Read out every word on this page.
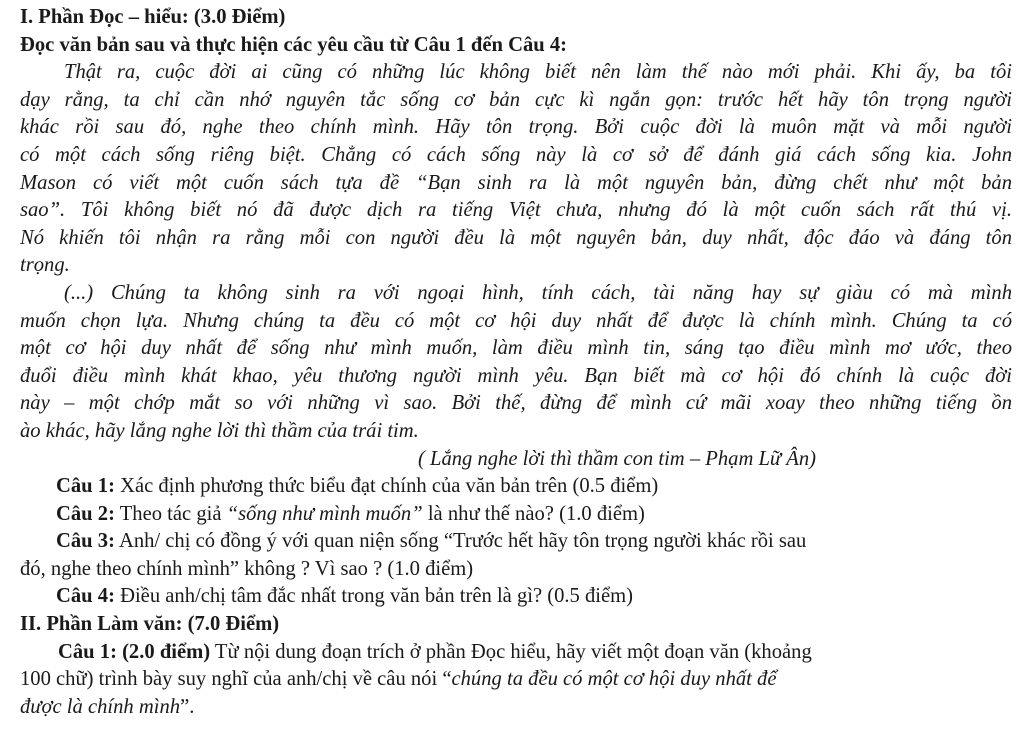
I. Phần Đọc – hiểu: (3.0 Điểm)
Đọc văn bản sau và thực hiện các yêu cầu từ Câu 1 đến Câu 4:
Thật ra, cuộc đời ai cũng có những lúc không biết nên làm thế nào mới phải. Khi ấy, ba tôi
dạy rằng, ta chỉ cần nhớ nguyên tắc sống cơ bản cực kì ngắn gọn: trước hết hãy tôn trọng người
khác rồi sau đó, nghe theo chính mình. Hãy tôn trọng. Bởi cuộc đời là muôn mặt và mỗi người
có một cách sống riêng biệt. Chẳng có cách sống này là cơ sở để đánh giá cách sống kia. John
Mason có viết một cuốn sách tựa đề “Bạn sinh ra là một nguyên bản, đừng chết như một bản
sao”. Tôi không biết nó đã được dịch ra tiếng Việt chưa, nhưng đó là một cuốn sách rất thú vị.
Nó khiến tôi nhận ra rằng mỗi con người đều là một nguyên bản, duy nhất, độc đáo và đáng tôn
trọng.
(...) Chúng ta không sinh ra với ngoại hình, tính cách, tài năng hay sự giàu có mà mình
muốn chọn lựa. Nhưng chúng ta đều có một cơ hội duy nhất để được là chính mình. Chúng ta có
một cơ hội duy nhất để sống như mình muốn, làm điều mình tin, sáng tạo điều mình mơ ước, theo
đuổi điều mình khát khao, yêu thương người mình yêu. Bạn biết mà cơ hội đó chính là cuộc đời
này – một chớp mắt so với những vì sao. Bởi thế, đừng để mình cứ mãi xoay theo những tiếng ồn
ào khác, hãy lắng nghe lời thì thầm của trái tim.
( Lắng nghe lời thì thầm con tim – Phạm Lữ Ân)
Câu 1: Xác định phương thức biểu đạt chính của văn bản trên (0.5 điểm)
Câu 2: Theo tác giả “sống như mình muốn” là như thế nào? (1.0 điểm)
Câu 3: Anh/ chị có đồng ý với quan niện sống “Trước hết hãy tôn trọng người khác rồi sau
đó, nghe theo chính mình” không ? Vì sao ? (1.0 điểm)
Câu 4: Điều anh/chị tâm đắc nhất trong văn bản trên là gì? (0.5 điểm)
II. Phần Làm văn: (7.0 Điểm)
Câu 1: (2.0 điểm) Từ nội dung đoạn trích ở phần Đọc hiểu, hãy viết một đoạn văn (khoảng
100 chữ) trình bày suy nghĩ của anh/chị về câu nói “chúng ta đều có một cơ hội duy nhất để
được là chính mình”.
